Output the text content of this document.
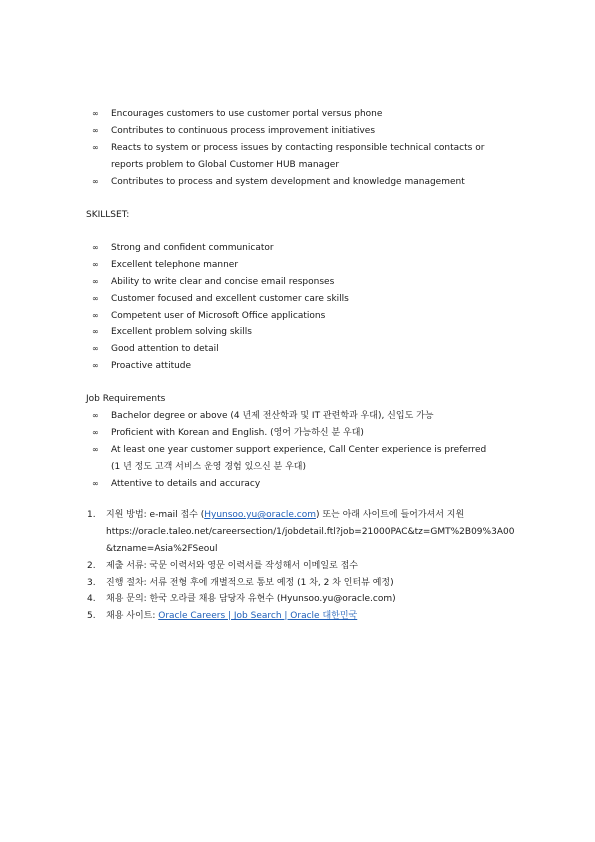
∞ Encourages customers to use customer portal versus phone
∞ Contributes to continuous process improvement initiatives
∞ Reacts to system or process issues by contacting responsible technical contacts or
reports problem to Global Customer HUB manager
∞ Contributes to process and system development and knowledge management
SKILLSET:
∞ Strong and confident communicator
∞ Excellent telephone manner
∞ Ability to write clear and concise email responses
∞ Customer focused and excellent customer care skills
∞ Competent user of Microsoft Office applications
∞ Excellent problem solving skills
∞ Good attention to detail
∞ Proactive attitude
Job Requirements
∞ Bachelor degree or above (4 년제 전산학과 및 IT 관련학과 우대), 신입도 가능
∞ Proficient with Korean and English. (영어 가능하신 분 우대)
∞ At least one year customer support experience, Call Center experience is preferred
(1 년 정도 고객 서비스 운영 경험 있으신 분 우대)
∞ Attentive to details and accuracy
1. 지원 방법: e-mail 접수 (Hyunsoo.yu@oracle.com) 또는 아래 사이트에 들어가셔서 지원
https://oracle.taleo.net/careersection/1/jobdetail.ftl?job=21000PAC&tz=GMT%2B09%3A00
&tzname=Asia%2FSeoul
2. 제출 서류: 국문 이력서와 영문 이력서를 작성해서 이메일로 접수
3. 진행 절차: 서류 전형 후에 개별적으로 통보 예정 (1 차, 2 차 인터뷰 예정)
4. 채용 문의: 한국 오라클 채용 담당자 유현수 (Hyunsoo.yu@oracle.com)
5. 채용 사이트: Oracle Careers | Job Search | Oracle 대한민국
